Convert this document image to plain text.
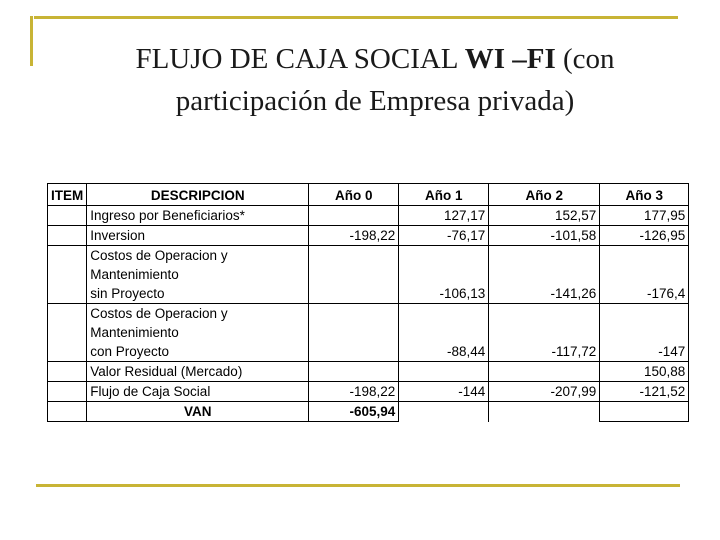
FLUJO DE CAJA SOCIAL WI –FI (con
participación de Empresa privada)
ITEM	DESCRIPCION	Año 0	Año 1	Año 2	Año 3
	Ingreso por Beneficiarios*		127,17	152,57	177,95
	Inversion	-198,22	-76,17	-101,58	-126,95
	Costos de Operacion y Mantenimiento
sin Proyecto		-106,13	-141,26	-176,4
	Costos de Operacion y Mantenimiento
con Proyecto		-88,44	-117,72	-147
	Valor Residual (Mercado)				150,88
	Flujo de Caja Social	-198,22	-144	-207,99	-121,52
	VAN	-605,94			
